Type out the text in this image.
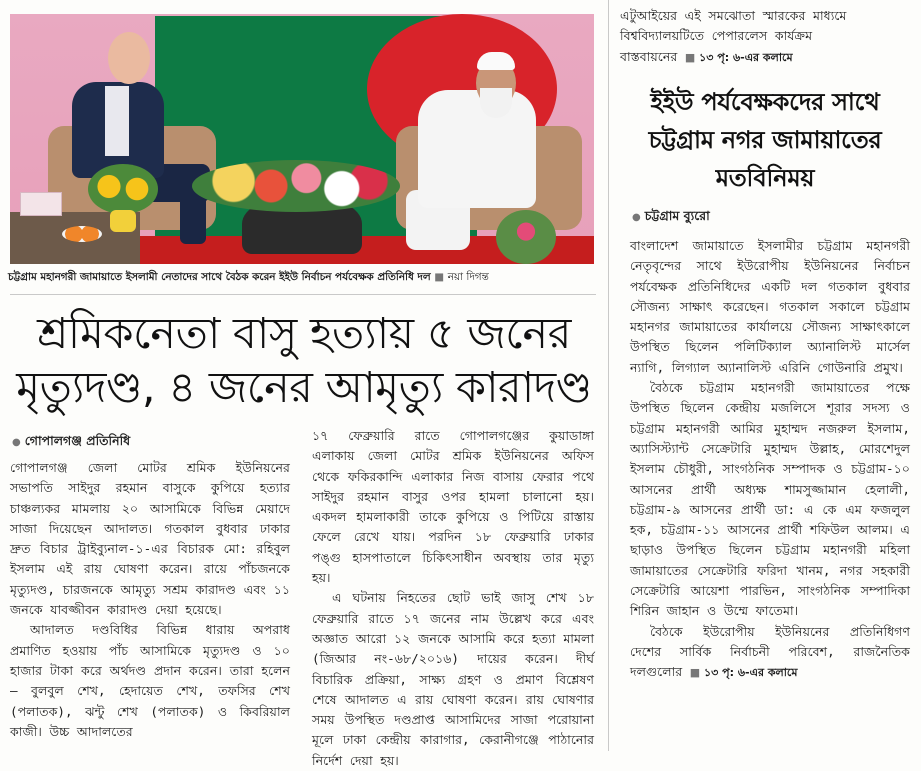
চট্টগ্রাম মহানগরী জামায়াতে ইসলামী নেতাদের সাথে বৈঠক করেন ইইউ নির্বাচন পর্যবেক্ষক প্রতিনিধি দল ■ নয়া দিগন্ত
শ্রমিকনেতা বাসু হত্যায় ৫ জনের
মৃত্যুদণ্ড, ৪ জনের আমৃত্যু কারাদণ্ড
● গোপালগঞ্জ প্রতিনিধি

গোপালগঞ্জ জেলা মোটর শ্রমিক ইউনিয়নের সভাপতি সাইদুর রহমান বাসুকে কুপিয়ে হত্যার চাঞ্চল্যকর মামলায় ২০ আসামিকে বিভিন্ন মেয়াদে সাজা দিয়েছেন আদালত। গতকাল বুধবার ঢাকার দ্রুত বিচার ট্রাইব্যুনাল-১-এর বিচারক মো: রহিবুল ইসলাম এই রায় ঘোষণা করেন। রায়ে পাঁচজনকে মৃত্যুদণ্ড, চারজনকে আমৃত্যু সশ্রম কারাদণ্ড এবং ১১ জনকে যাবজ্জীবন কারাদণ্ড দেয়া হয়েছে।

আদালত দণ্ডবিধির বিভিন্ন ধারায় অপরাধ প্রমাণিত হওয়ায় পাঁচ আসামিকে মৃত্যুদণ্ড ও ১০ হাজার টাকা করে অর্থদণ্ড প্রদান করেন। তারা হলেন— বুলবুল শেখ, হেদায়েত শেখ, তফসির শেখ (পলাতক), ঝন্টু শেখ (পলাতক) ও কিবরিয়াল কাজী। উচ্চ আদালতের

১৭ ফেব্রুয়ারি রাতে গোপালগঞ্জের কুয়াডাঙ্গা এলাকায় জেলা মোটর শ্রমিক ইউনিয়নের অফিস থেকে ফকিরকান্দি এলাকার নিজ বাসায় ফেরার পথে সাইদুর রহমান বাসুর ওপর হামলা চালানো হয়। একদল হামলাকারী তাকে কুপিয়ে ও পিটিয়ে রাস্তায় ফেলে রেখে যায়। পরদিন ১৮ ফেব্রুয়ারি ঢাকার পঙ্গু হাসপাতালে চিকিৎসাধীন অবস্থায় তার মৃত্যু হয়।

এ ঘটনায় নিহতের ছোট ভাই জাসু শেখ ১৮ ফেব্রুয়ারি রাতে ১৭ জনের নাম উল্লেখ করে এবং অজ্ঞাত আরো ১২ জনকে আসামি করে হত্যা মামলা (জিআর নং-৬৮/২০১৬) দায়ের করেন। দীর্ঘ বিচারিক প্রক্রিয়া, সাক্ষ্য গ্রহণ ও প্রমাণ বিশ্লেষণ শেষে আদালত এ রায় ঘোষণা করেন। রায় ঘোষণার সময় উপস্থিত দণ্ডপ্রাপ্ত আসামিদের সাজা পরোয়ানা মূলে ঢাকা কেন্দ্রীয় কারাগার, কেরানীগঞ্জে পাঠানোর নির্দেশ দেয়া হয়।

এটুআইয়ের এই সমঝোতা স্মারকের মাধ্যমে
বিশ্ববিদ্যালয়টিতে পেপারলেস কার্যক্রম
বাস্তবায়নের ■ ১৩ পৃ: ৬-এর কলামে
ইইউ পর্যবেক্ষকদের সাথে
চট্টগ্রাম নগর জামায়াতের
মতবিনিময়
● চট্টগ্রাম ব্যুরো

বাংলাদেশ জামায়াতে ইসলামীর চট্টগ্রাম মহানগরী নেতৃবৃন্দের সাথে ইউরোপীয় ইউনিয়নের নির্বাচন পর্যবেক্ষক প্রতিনিধিদের একটি দল গতকাল বুধবার সৌজন্য সাক্ষাৎ করেছেন। গতকাল সকালে চট্টগ্রাম মহানগর জামায়াতের কার্যালয়ে সৌজন্য সাক্ষাৎকালে উপস্থিত ছিলেন পলিটিক্যাল অ্যানালিস্ট মার্সেল ন্যাগি, লিগ্যাল অ্যানালিস্ট এরিনি গোউনারি প্রমুখ।

বৈঠকে চট্টগ্রাম মহানগরী জামায়াতের পক্ষে উপস্থিত ছিলেন কেন্দ্রীয় মজলিসে শূরার সদস্য ও চট্টগ্রাম মহানগরী আমির মুহাম্মদ নজরুল ইসলাম, অ্যাসিস্ট্যান্ট সেক্রেটারি মুহাম্মদ উল্লাহ, মোরশেদুল ইসলাম চৌধুরী, সাংগঠনিক সম্পাদক ও চট্টগ্রাম-১০ আসনের প্রার্থী অধ্যক্ষ শামসুজ্জামান হেলালী, চট্টগ্রাম-৯ আসনের প্রার্থী ডা: এ কে এম ফজলুল হক, চট্টগ্রাম-১১ আসনের প্রার্থী শফিউল আলম। এ ছাড়াও উপস্থিত ছিলেন চট্টগ্রাম মহানগরী মহিলা জামায়াতের সেক্রেটারি ফরিদা খানম, নগর সহকারী সেক্রেটারি আয়েশা পারভিন, সাংগঠনিক সম্পাদিকা শিরিন জাহান ও উম্মে ফাতেমা।

বৈঠকে ইউরোপীয় ইউনিয়নের প্রতিনিধিগণ দেশের সার্বিক নির্বাচনী পরিবেশ, রাজনৈতিক দলগুলোর ■ ১৩ পৃ: ৬-এর কলামে
